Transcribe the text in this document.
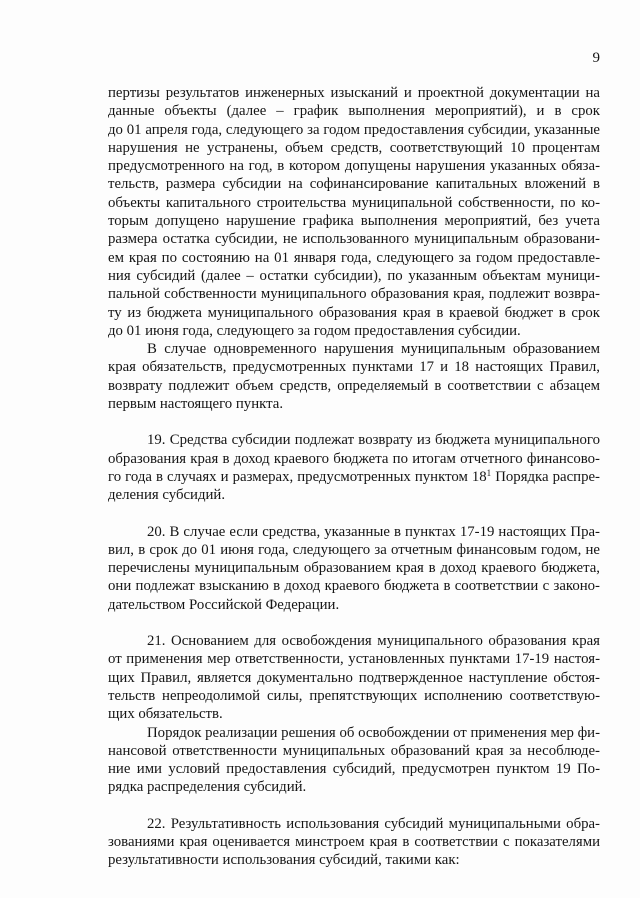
9
пертизы результатов инженерных изысканий и проектной документации на
данные объекты (далее – график выполнения мероприятий), и в срок
до 01 апреля года, следующего за годом предоставления субсидии, указанные
нарушения не устранены, объем средств, соответствующий 10 процентам
предусмотренного на год, в котором допущены нарушения указанных обяза-
тельств, размера субсидии на софинансирование капитальных вложений в
объекты капитального строительства муниципальной собственности, по ко-
торым допущено нарушение графика выполнения мероприятий, без учета
размера остатка субсидии, не использованного муниципальным образовани-
ем края по состоянию на 01 января года, следующего за годом предоставле-
ния субсидий (далее – остатки субсидии), по указанным объектам муници-
пальной собственности муниципального образования края, подлежит возвра-
ту из бюджета муниципального образования края в краевой бюджет в срок
до 01 июня года, следующего за годом предоставления субсидии.
В случае одновременного нарушения муниципальным образованием
края обязательств, предусмотренных пунктами 17 и 18 настоящих Правил,
возврату подлежит объем средств, определяемый в соответствии с абзацем
первым настоящего пункта.
19. Средства субсидии подлежат возврату из бюджета муниципального
образования края в доход краевого бюджета по итогам отчетного финансово-
го года в случаях и размерах, предусмотренных пунктом $18^1$ Порядка распре-
деления субсидий.
20. В случае если средства, указанные в пунктах 17-19 настоящих Пра-
вил, в срок до 01 июня года, следующего за отчетным финансовым годом, не
перечислены муниципальным образованием края в доход краевого бюджета,
они подлежат взысканию в доход краевого бюджета в соответствии с законо-
дательством Российской Федерации.
21. Основанием для освобождения муниципального образования края
от применения мер ответственности, установленных пунктами 17-19 настоя-
щих Правил, является документально подтвержденное наступление обстоя-
тельств непреодолимой силы, препятствующих исполнению соответствую-
щих обязательств.
Порядок реализации решения об освобождении от применения мер фи-
нансовой ответственности муниципальных образований края за несоблюде-
ние ими условий предоставления субсидий, предусмотрен пунктом 19 По-
рядка распределения субсидий.
22. Результативность использования субсидий муниципальными обра-
зованиями края оценивается минстроем края в соответствии с показателями
результативности использования субсидий, такими как:
